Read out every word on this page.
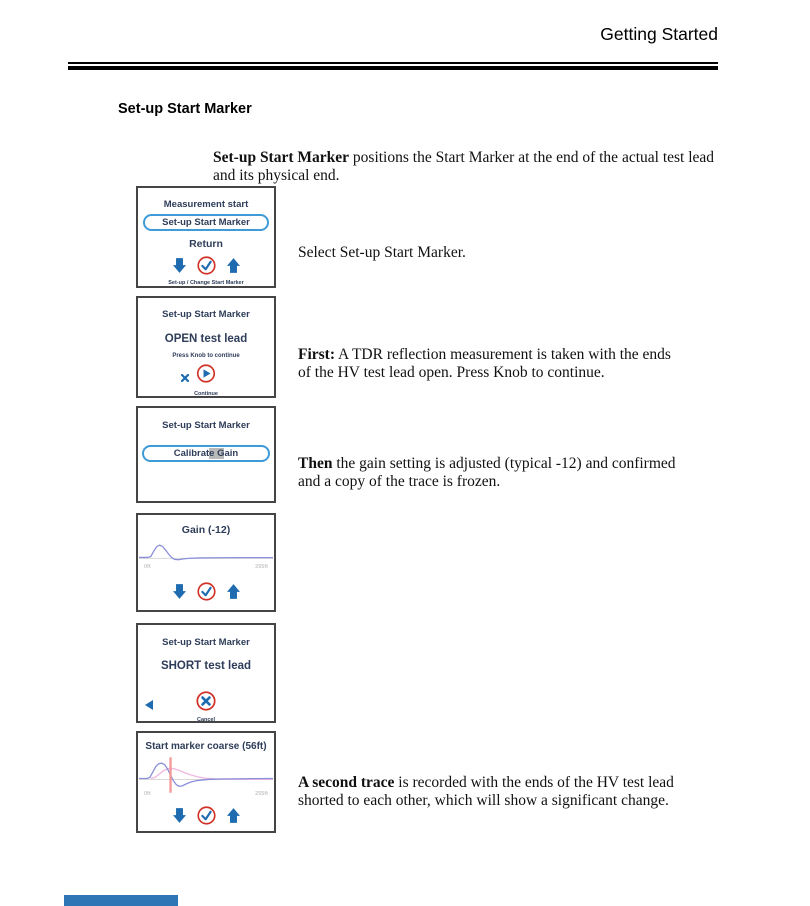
Getting Started
Set-up Start Marker

Set-up Start Marker positions the Start Marker at the end of the actual test lead and its physical end.

Measurement start
Set-up Start Marker
Return
Set-up / Change Start Marker
Set-up Start Marker
OPEN test lead
Press Knob to continue
Continue
Set-up Start Marker
Calibrat e G ain
Gain (-12)
0ft	255ft
Set-up Start Marker
SHORT test lead
Cancel
Start marker coarse (56ft)
0ft	255ft

Select Set-up Start Marker.

First: A TDR reflection measurement is taken with the ends of the HV test lead open. Press Knob to continue.

Then the gain setting is adjusted (typical -12) and confirmed and a copy of the trace is frozen.

A second trace is recorded with the ends of the HV test lead shorted to each other, which will show a significant change.
